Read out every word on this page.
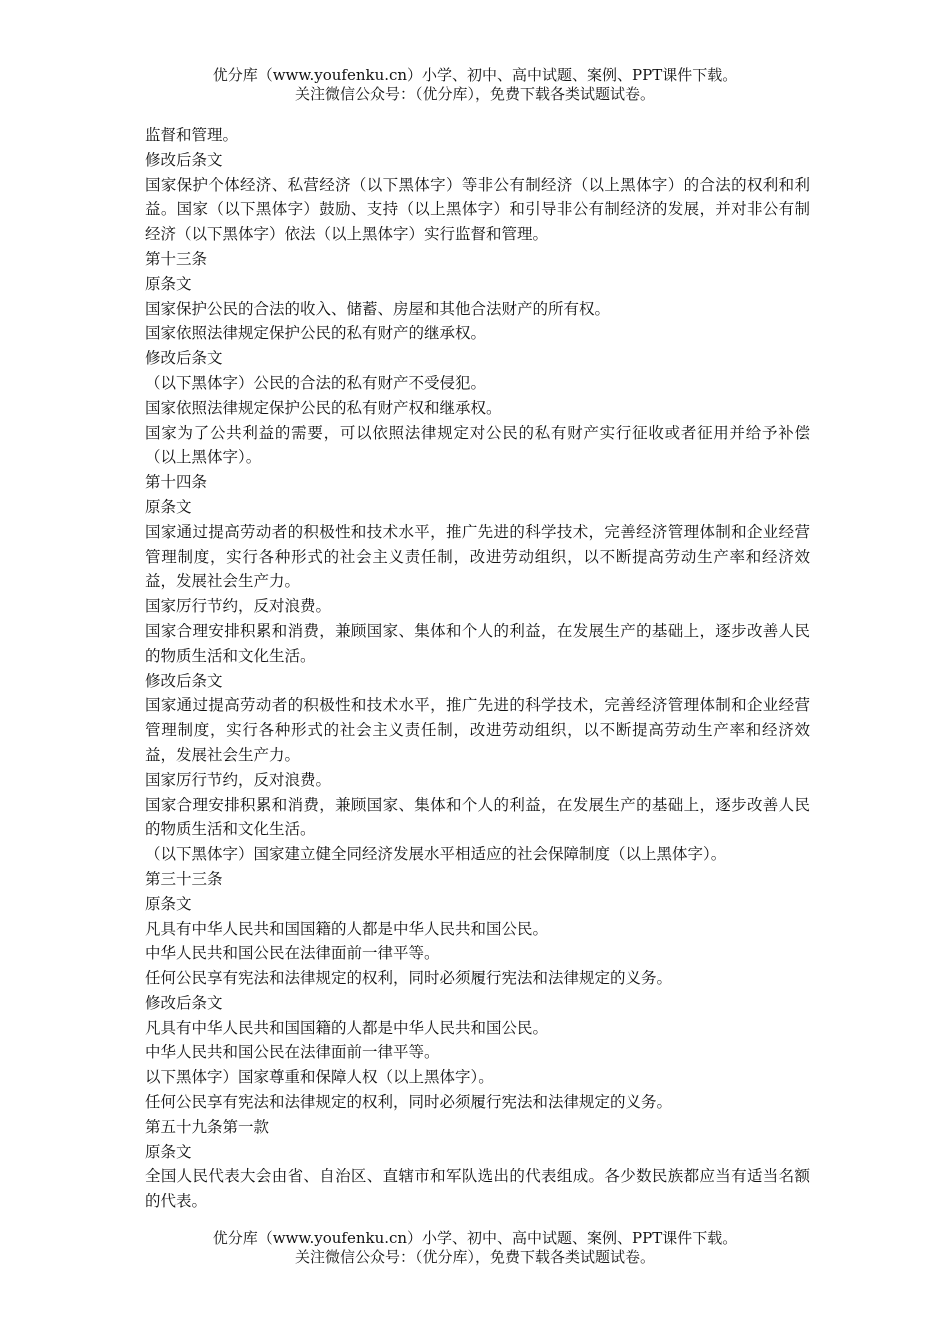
优分库（www.youfenku.cn）小学、初中、高中试题、案例、PPT课件下载。
关注微信公众号：（优分库），免费下载各类试题试卷。

监督和管理。

修改后条文

国家保护个体经济、私营经济（以下黑体字）等非公有制经济（以上黑体字）的合法的权利和利益。国家（以下黑体字）鼓励、支持（以上黑体字）和引导非公有制经济的发展，并对非公有制经济（以下黑体字）依法（以上黑体字）实行监督和管理。

第十三条

原条文

国家保护公民的合法的收入、储蓄、房屋和其他合法财产的所有权。

国家依照法律规定保护公民的私有财产的继承权。

修改后条文

（以下黑体字）公民的合法的私有财产不受侵犯。

国家依照法律规定保护公民的私有财产权和继承权。

国家为了公共利益的需要，可以依照法律规定对公民的私有财产实行征收或者征用并给予补偿（以上黑体字）。

第十四条

原条文

国家通过提高劳动者的积极性和技术水平，推广先进的科学技术，完善经济管理体制和企业经营管理制度，实行各种形式的社会主义责任制，改进劳动组织，以不断提高劳动生产率和经济效益，发展社会生产力。

国家厉行节约，反对浪费。

国家合理安排积累和消费，兼顾国家、集体和个人的利益，在发展生产的基础上，逐步改善人民的物质生活和文化生活。

修改后条文

国家通过提高劳动者的积极性和技术水平，推广先进的科学技术，完善经济管理体制和企业经营管理制度，实行各种形式的社会主义责任制，改进劳动组织，以不断提高劳动生产率和经济效益，发展社会生产力。

国家厉行节约，反对浪费。

国家合理安排积累和消费，兼顾国家、集体和个人的利益，在发展生产的基础上，逐步改善人民的物质生活和文化生活。

（以下黑体字）国家建立健全同经济发展水平相适应的社会保障制度（以上黑体字）。

第三十三条

原条文

凡具有中华人民共和国国籍的人都是中华人民共和国公民。

中华人民共和国公民在法律面前一律平等。

任何公民享有宪法和法律规定的权利，同时必须履行宪法和法律规定的义务。

修改后条文

凡具有中华人民共和国国籍的人都是中华人民共和国公民。

中华人民共和国公民在法律面前一律平等。

以下黑体字）国家尊重和保障人权（以上黑体字）。

任何公民享有宪法和法律规定的权利，同时必须履行宪法和法律规定的义务。

第五十九条第一款

原条文

全国人民代表大会由省、自治区、直辖市和军队选出的代表组成。各少数民族都应当有适当名额的代表。

优分库（www.youfenku.cn）小学、初中、高中试题、案例、PPT课件下载。
关注微信公众号：（优分库），免费下载各类试题试卷。
